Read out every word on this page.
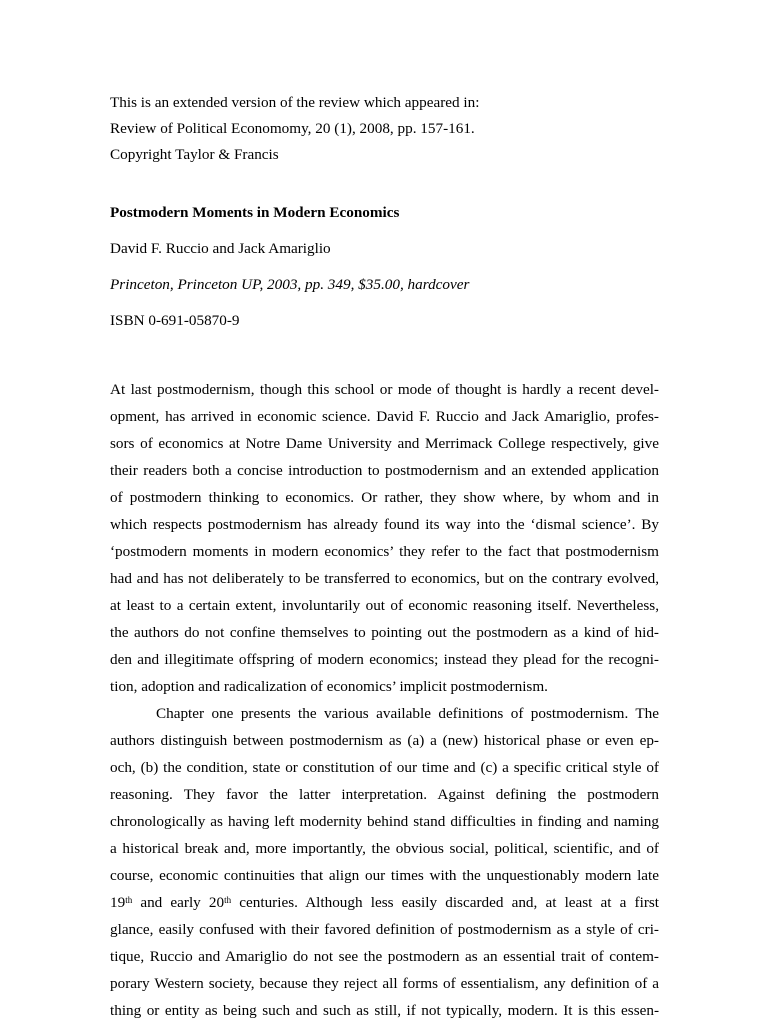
This is an extended version of the review which appeared in:

Review of Political Economomy, 20 (1), 2008, pp. 157-161.

Copyright Taylor & Francis

Postmodern Moments in Modern Economics

David F. Ruccio and Jack Amariglio

Princeton, Princeton UP, 2003, pp. 349, $35.00, hardcover

ISBN 0-691-05870-9

At last postmodernism, though this school or mode of thought is hardly a recent devel-
opment, has arrived in economic science. David F. Ruccio and Jack Amariglio, profes-
sors of economics at Notre Dame University and Merrimack College respectively, give
their readers both a concise introduction to postmodernism and an extended application
of postmodern thinking to economics. Or rather, they show where, by whom and in
which respects postmodernism has already found its way into the ‘dismal science’. By
‘postmodern moments in modern economics’ they refer to the fact that postmodernism
had and has not deliberately to be transferred to economics, but on the contrary evolved,
at least to a certain extent, involuntarily out of economic reasoning itself. Nevertheless,
the authors do not confine themselves to pointing out the postmodern as a kind of hid-
den and illegitimate offspring of modern economics; instead they plead for the recogni-
tion, adoption and radicalization of economics’ implicit postmodernism.
Chapter one presents the various available definitions of postmodernism. The
authors distinguish between postmodernism as (a) a (new) historical phase or even ep-
och, (b) the condition, state or constitution of our time and (c) a specific critical style of
reasoning. They favor the latter interpretation. Against defining the postmodern
chronologically as having left modernity behind stand difficulties in finding and naming
a historical break and, more importantly, the obvious social, political, scientific, and of
course, economic continuities that align our times with the unquestionably modern late
19th and early 20th centuries. Although less easily discarded and, at least at a first
glance, easily confused with their favored definition of postmodernism as a style of cri-
tique, Ruccio and Amariglio do not see the postmodern as an essential trait of contem-
porary Western society, because they reject all forms of essentialism, any definition of a
thing or entity as being such and such as still, if not typically, modern. It is this essen-
